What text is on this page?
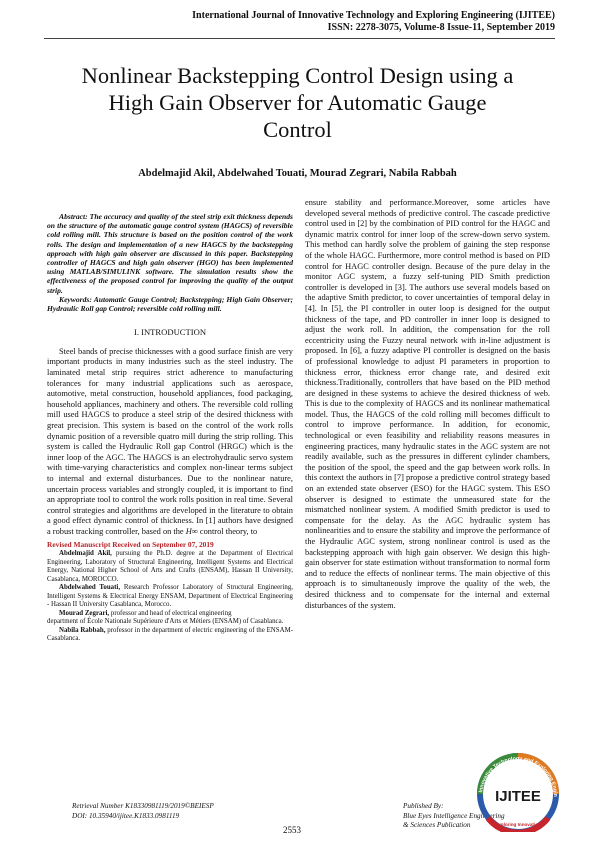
International Journal of Innovative Technology and Exploring Engineering (IJITEE)
ISSN: 2278-3075, Volume-8 Issue-11, September 2019
Nonlinear Backstepping Control Design using a
High Gain Observer for Automatic Gauge
Control
Abdelmajid Akil, Abdelwahed Touati, Mourad Zegrari, Nabila Rabbah

Abstract: The accuracy and quality of the steel strip exit thickness depends on the structure of the automatic gauge control system (HAGCS) of reversible cold rolling mill. This structure is based on the position control of the work rolls. The design and implementation of a new HAGCS by the backstepping approach with high gain observer are discussed in this paper. Backstepping controller of HAGCS and high gain observer (HGO) has been implemented using MATLAB/SIMULINK software. The simulation results show the effectiveness of the proposed control for improving the quality of the output strip.

Keywords: Automatic Gauge Control; Backstepping; High Gain Observer; Hydraulic Roll gap Control; reversible cold rolling mill.

I. INTRODUCTION

Steel bands of precise thicknesses with a good surface finish are very important products in many industries such as the steel industry. The laminated metal strip requires strict adherence to manufacturing tolerances for many industrial applications such as aerospace, automotive, metal construction, household appliances, food packaging, household appliances, machinery and others. The reversible cold rolling mill used HAGCS to produce a steel strip of the desired thickness with great precision. This system is based on the control of the work rolls dynamic position of a reversible quatro mill during the strip rolling. This system is called the Hydraulic Roll gap Control (HRGC) which is the inner loop of the AGC. The HAGCS is an electrohydraulic servo system with time-varying characteristics and complex non-linear terms subject to internal and external disturbances. Due to the nonlinear nature, uncertain process variables and strongly coupled, it is important to find an appropriate tool to control the work rolls position in real time. Several control strategies and algorithms are developed in the literature to obtain a good effect dynamic control of thickness. In [1] authors have designed a robust tracking controller, based on the H∞ control theory, to

Revised Manuscript Received on September 07, 2019

Abdelmajid Akil, pursuing the Ph.D. degree at the Department of Electrical Engineering, Laboratory of Structural Engineering, Intelligent Systems and Electrical Energy, National Higher School of Arts and Crafts (ENSAM), Hassan II University, Casablanca, MOROCCO.

Abdelwahed Touati, Research Professor Laboratory of Structural Engineering, Intelligent Systems & Electrical Energy ENSAM, Department of Electrical Engineering - Hassan II University Casablanca, Morocco.

Mourad Zegrari, professor and head of electrical engineering

department of École Nationale Supérieure d'Arts et Métiers (ENSAM) of Casablanca.

Nabila Rabbah, professor in the department of electric engineering of the ENSAM-Casablanca.

ensure stability and performance.Moreover, some articles have developed several methods of predictive control. The cascade predictive control used in [2] by the combination of PID control for the HAGC and dynamic matrix control for inner loop of the screw-down servo system. This method can hardly solve the problem of gaining the step response of the whole HAGC. Furthermore, more control method is based on PID control for HAGC controller design. Because of the pure delay in the monitor AGC system, a fuzzy self-tuning PID Smith prediction controller is developed in [3]. The authors use several models based on the adaptive Smith predictor, to cover uncertainties of temporal delay in [4]. In [5], the PI controller in outer loop is designed for the output thickness of the tape, and PD controller in inner loop is designed to adjust the work roll. In addition, the compensation for the roll eccentricity using the Fuzzy neural network with in-line adjustment is proposed. In [6], a fuzzy adaptive PI controller is designed on the basis of professional knowledge to adjust PI parameters in proportion to thickness error, thickness error change rate, and desired exit thickness.Traditionally, controllers that have based on the PID method are designed in these systems to achieve the desired thickness of web. This is due to the complexity of HAGCS and its nonlinear mathematical model. Thus, the HAGCS of the cold rolling mill becomes difficult to control to improve performance. In addition, for economic, technological or even feasibility and reliability reasons measures in engineering practices, many hydraulic states in the AGC system are not readily available, such as the pressures in different cylinder chambers, the position of the spool, the speed and the gap between work rolls. In this context the authors in [7] propose a predictive control strategy based on an extended state observer (ESO) for the HAGC system. This ESO observer is designed to estimate the unmeasured state for the mismatched nonlinear system. A modified Smith predictor is used to compensate for the delay. As the AGC hydraulic system has nonlinearities and to ensure the stability and improve the performance of the Hydraulic AGC system, strong nonlinear control is used as the backstepping approach with high gain observer. We design this high-gain observer for state estimation without transformation to normal form and to reduce the effects of nonlinear terms. The main objective of this approach is to simultaneously improve the quality of the web, the desired thickness and to compensate for the internal and external disturbances of the system.

Retrieval Number K18330981119/2019©BEIESP
DOI: 10.35940/ijitee.K1833.0981119
Published By:
Blue Eyes Intelligence Engineering
& Sciences Publication
2553
Innovative Technology and Exploring Engin
IJITEE
Exploring Innovation
